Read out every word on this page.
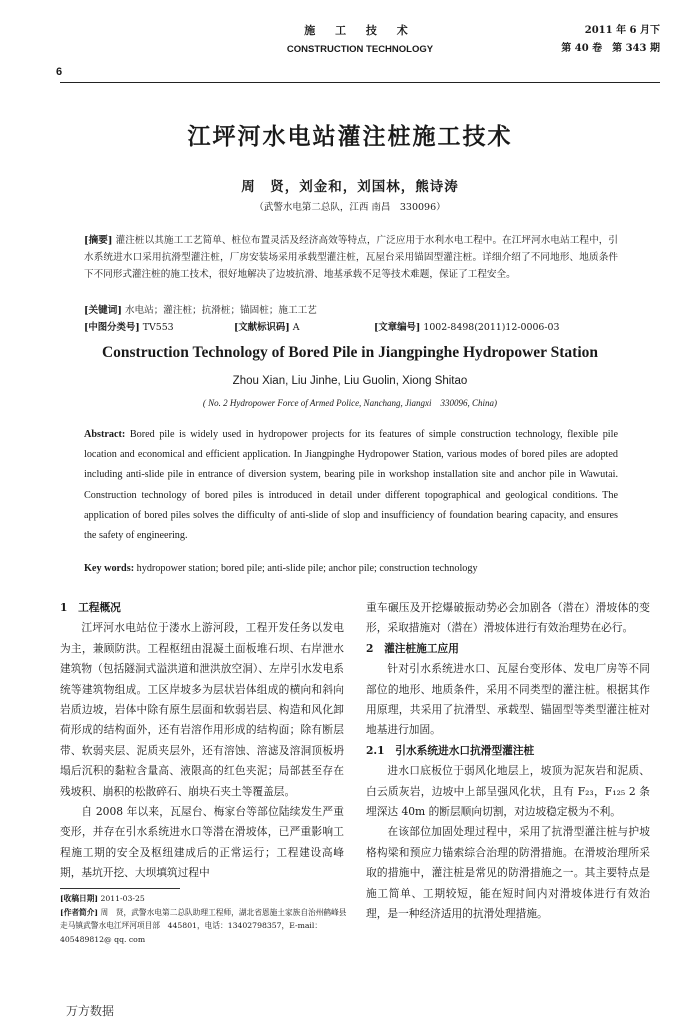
施 工 技 术
CONSTRUCTION TECHNOLOGY
6
2011 年 6 月下
第 40 卷　第 343 期
江坪河水电站灌注桩施工技术
周　贤，刘金和，刘国林，熊诗涛
（武警水电第二总队，江西 南昌　330096）
[摘要] 灌注桩以其施工工艺简单、桩位布置灵活及经济高效等特点，广泛应用于水利水电工程中。在江坪河水电站工程中，引水系统进水口采用抗滑型灌注桩，厂房安装场采用承载型灌注桩，瓦屋台采用锚固型灌注桩。详细介绍了不同地形、地质条件下不同形式灌注桩的施工技术，很好地解决了边坡抗滑、地基承载不足等技术难题，保证了工程安全。
[关键词] 水电站；灌注桩；抗滑桩；锚固桩；施工工艺
[中图分类号] TV553	[文献标识码] A	[文章编号] 1002-8498(2011)12-0006-03
Construction Technology of Bored Pile in Jiangpinghe Hydropower Station
Zhou Xian, Liu Jinhe, Liu Guolin, Xiong Shitao
( No. 2 Hydropower Force of Armed Police, Nanchang, Jiangxi　330096, China)
Abstract: Bored pile is widely used in hydropower projects for its features of simple construction technology, flexible pile location and economical and efficient application. In Jiangpinghe Hydropower Station, various modes of bored piles are adopted including anti-slide pile in entrance of diversion system, bearing pile in workshop installation site and anchor pile in Wawutai. Construction technology of bored piles is introduced in detail under different topographical and geological conditions. The application of bored piles solves the difficulty of anti-slide of slop and insufficiency of foundation bearing capacity, and ensures the safety of engineering.
Key words: hydropower station; bored pile; anti-slide pile; anchor pile; construction technology
1　工程概况

江坪河水电站位于溇水上游河段，工程开发任务以发电为主，兼顾防洪。工程枢纽由混凝土面板堆石坝、右岸泄水建筑物（包括隧洞式溢洪道和泄洪放空洞）、左岸引水发电系统等建筑物组成。工区岸坡多为层状岩体组成的横向和斜向岩质边坡，岩体中除有原生层面和软弱岩层、构造和风化卸荷形成的结构面外，还有岩溶作用形成的结构面；除有断层带、软弱夹层、泥质夹层外，还有溶蚀、溶滤及溶洞顶板坍塌后沉积的黏粒含量高、液限高的红色夹泥；局部甚至存在残坡积、崩积的松散碎石、崩块石夹土等覆盖层。

自 2008 年以来，瓦屋台、梅家台等部位陆续发生严重变形，并存在引水系统进水口等潜在滑坡体，已严重影响工程施工期的安全及枢纽建成后的正常运行；工程建设高峰期，基坑开挖、大坝填筑过程中

重车碾压及开挖爆破振动势必会加剧各（潜在）滑坡体的变形，采取措施对（潜在）滑坡体进行有效治理势在必行。

2　灌注桩施工应用

针对引水系统进水口、瓦屋台变形体、发电厂房等不同部位的地形、地质条件，采用不同类型的灌注桩。根据其作用原理，共采用了抗滑型、承载型、锚固型等类型灌注桩对地基进行加固。

2.1　引水系统进水口抗滑型灌注桩

进水口底板位于弱风化地层上，坡顶为泥灰岩和泥质、白云质灰岩，边坡中上部呈强风化状，且有 F₂₃，F₁₂₅ 2 条埋深达 40m 的断层顺向切割，对边坡稳定极为不利。

在该部位加固处理过程中，采用了抗滑型灌注桩与护坡格构梁和预应力锚索综合治理的防滑措施。在滑坡治理所采取的措施中，灌注桩是常见的防滑措施之一。其主要特点是施工简单、工期较短，能在短时间内对滑坡体进行有效治理，是一种经济适用的抗滑处理措施。

[收稿日期] 2011-03-25
[作者简介] 周　贤，武警水电第二总队助理工程师，湖北省恩施土家族自治州鹤峰县走马镇武警水电江坪河项目部　445801，电话：13402798357，E-mail：405489812@ qq. com
万方数据
